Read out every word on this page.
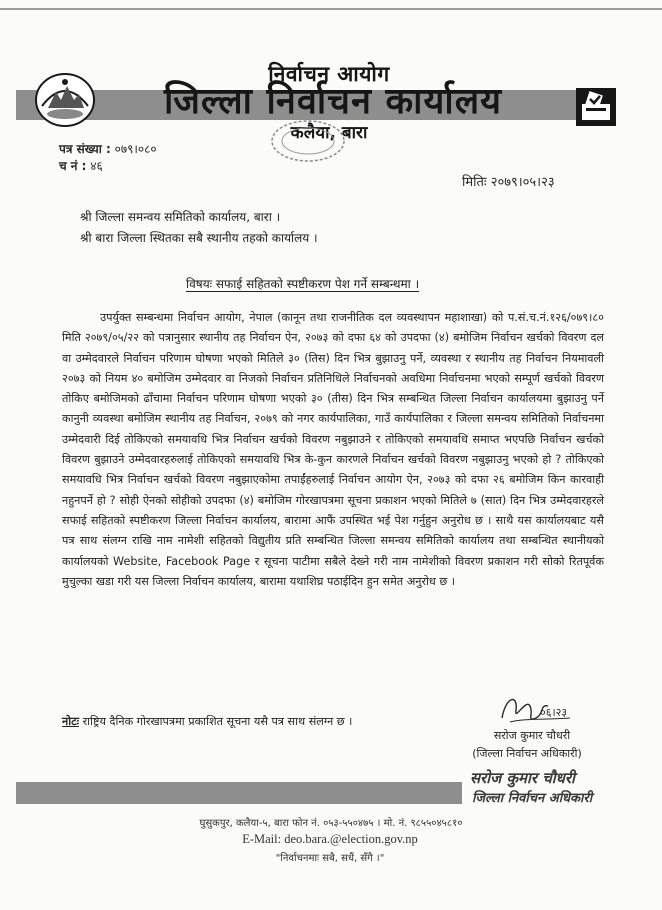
निर्वाचन आयोग
जिल्ला निर्वाचन कार्यालय
कलैया, बारा
पत्र संख्या : ०७९।०८०
च नं : ४६
मितिः २०७९।०५।२३
श्री जिल्ला समन्वय समितिको कार्यालय, बारा ।
श्री बारा जिल्ला स्थितका सबै स्थानीय तहको कार्यालय ।
विषयः सफाई सहितको स्पष्टीकरण पेश गर्ने सम्बन्धमा ।
उपर्युक्त सम्बन्धमा निर्वाचन आयोग, नेपाल (कानून तथा राजनीतिक दल व्यवस्थापन महाशाखा) को प.सं.च.नं.१२६/०७९।८० मिति २०७९/०५/२२ को पत्रानुसार स्थानीय तह निर्वाचन ऐन, २०७३ को दफा ६४ को उपदफा (४) बमोजिम निर्वाचन खर्चको विवरण दल वा उम्मेदवारले निर्वाचन परिणाम घोषणा भएको मितिले ३० (तिस) दिन भित्र बुझाउनु पर्ने, व्यवस्था र स्थानीय तह निर्वाचन नियमावली २०७३ को नियम ४० बमोजिम उम्मेदवार वा निजको निर्वाचन प्रतिनिधिले निर्वाचनको अवधिमा निर्वाचनमा भएको सम्पूर्ण खर्चको विवरण तोकिए बमोजिमको ढाँचामा निर्वाचन परिणाम घोषणा भएको ३० (तीस) दिन भित्र सम्बन्धित जिल्ला निर्वाचन कार्यालयमा बुझाउनु पर्ने कानुनी व्यवस्था बमोजिम स्थानीय तह निर्वाचन, २०७९ को नगर कार्यपालिका, गाउँ कार्यपालिका र जिल्ला समन्वय समितिको निर्वाचनमा उम्मेदवारी दिई तोकिएको समयावधि भित्र निर्वाचन खर्चको विवरण नबुझाउने र तोकिएको समयावधि समाप्त भएपछि निर्वाचन खर्चको विवरण बुझाउने उम्मेदवारहरुलाई तोकिएको समयावधि भित्र के-कुन कारणले निर्वाचन खर्चको विवरण नबुझाउनु भएको हो ? तोकिएको समयावधि भित्र निर्वाचन खर्चको विवरण नबुझाएकोमा तपाईंहरुलाई निर्वाचन आयोग ऐन, २०७३ को दफा २६ बमोजिम किन कारवाही नहुनपर्ने हो ? सोही ऐनको सोहीको उपदफा (४) बमोजिम गोरखापत्रमा सूचना प्रकाशन भएको मितिले ७ (सात) दिन भित्र उम्मेदवारहरले सफाई सहितको स्पष्टीकरण जिल्ला निर्वाचन कार्यालय, बारामा आफैं उपस्थित भई पेश गर्नुहुन अनुरोध छ । साथै यस कार्यालयबाट यसै पत्र साथ संलग्न राखि नाम नामेशी सहितको विद्युतीय प्रति सम्बन्धित जिल्ला समन्वय समितिको कार्यालय तथा सम्बन्धित स्थानीयको कार्यालयको Website, Facebook Page र सूचना पाटीमा सबैले देख्ने गरी नाम नामेशीको विवरण प्रकाशन गरी सोको रितपूर्वक मुचुल्का खडा गरी यस जिल्ला निर्वाचन कार्यालय, बारामा यथाशिघ्र पठाईदिन हुन समेत अनुरोध छ ।
नोटः राष्ट्रिय दैनिक गोरखापत्रमा प्रकाशित सूचना यसै पत्र साथ संलग्न छ ।
०६।२३
सरोज कुमार चौधरी
(जिल्ला निर्वाचन अधिकारी)
सरोज कुमार चौधरी
जिल्ला निर्वाचन अधिकारी
घुसुकपुर, कलैया-५, बारा फोन नं. ०५३-५५०४७५ । मो. नं. ९८५५०४५८१०
E-Mail: deo.bara.@election.gov.np
"निर्वाचनमाः सबै, सधैं, सँगै ।"
